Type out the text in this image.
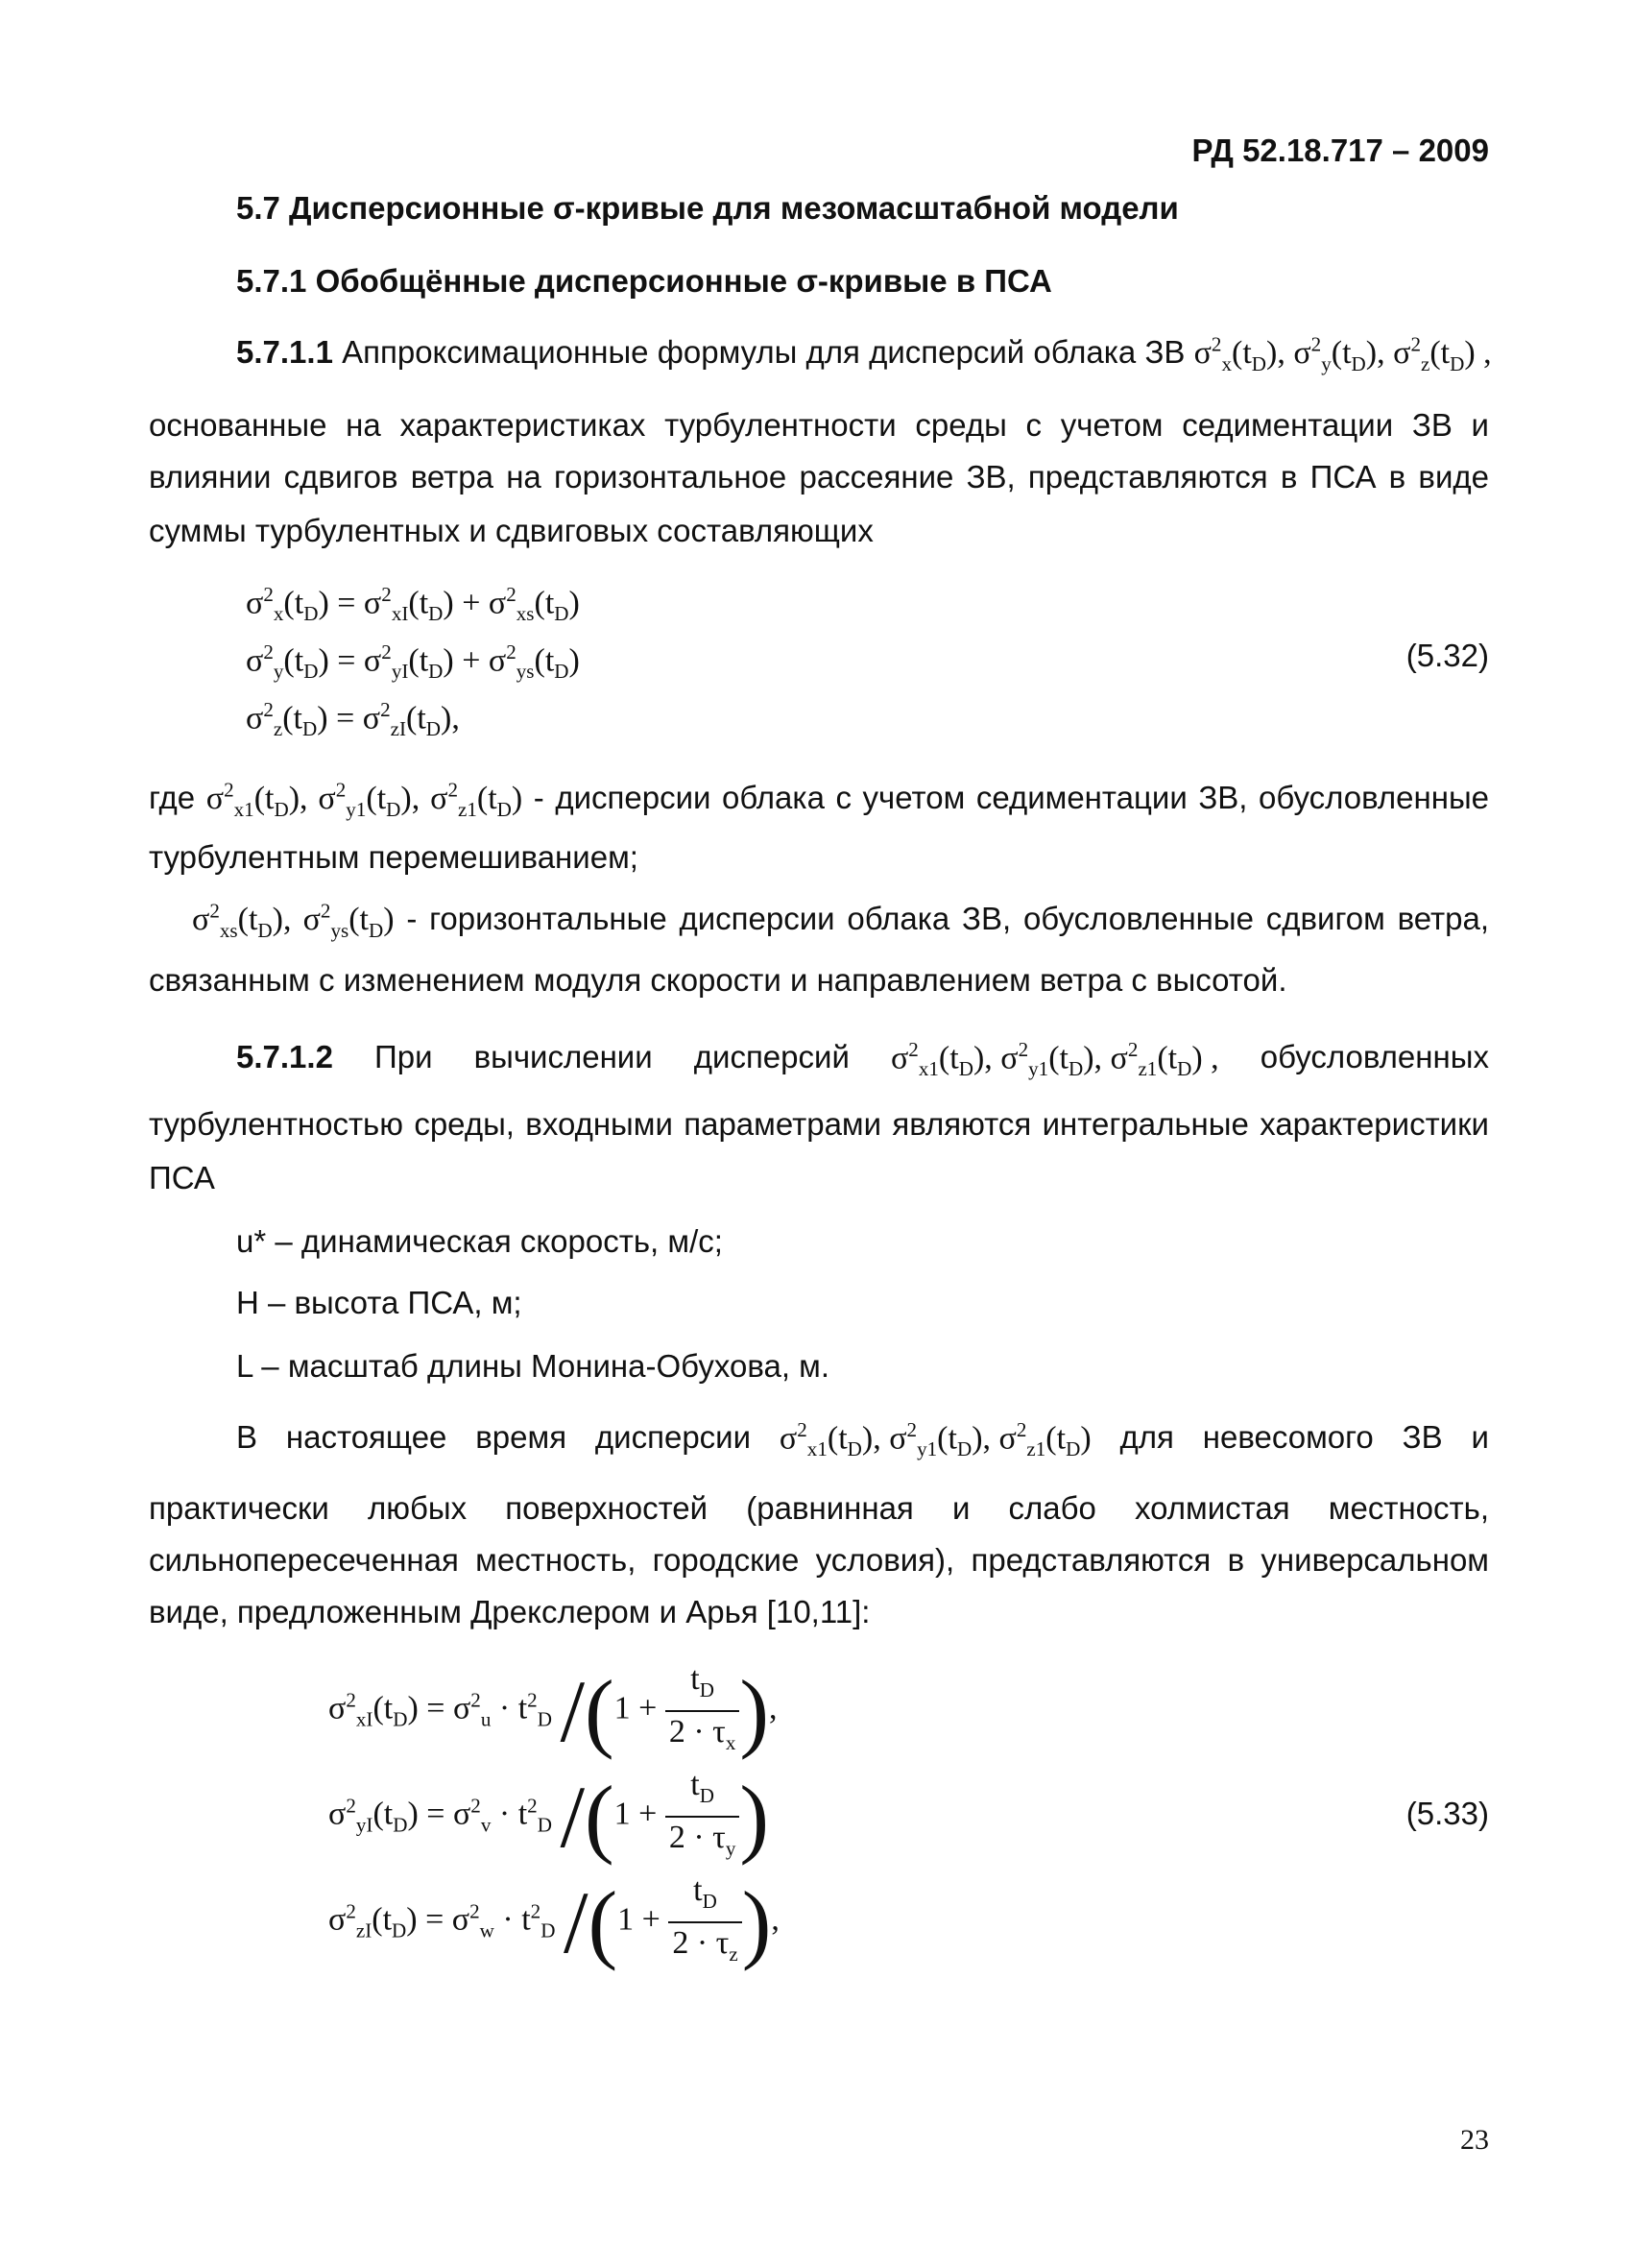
РД 52.18.717 – 2009
5.7 Дисперсионные σ-кривые для мезомасштабной модели
5.7.1 Обобщённые дисперсионные σ-кривые в ПСА
5.7.1.1 Аппроксимационные формулы для дисперсий облака ЗВ $\sigma^2_x(t_D)$, $\sigma^2_y(t_D)$, $\sigma^2_z(t_D)$ ,
основанные на характеристиках турбулентности среды с учетом седиментации ЗВ и
влиянии сдвигов ветра на горизонтальное рассеяние ЗВ, представляются в ПСА в виде
суммы турбулентных и сдвиговых составляющих
$\sigma^2_x(t_D) = \sigma^2_{xI}(t_D) + \sigma^2_{xs}(t_D)$
$\sigma^2_y(t_D) = \sigma^2_{yI}(t_D) + \sigma^2_{ys}(t_D)$
$\sigma^2_z(t_D) = \sigma^2_{zI}(t_D)$,
(5.32)
где $\sigma^2_{x1}(t_D)$, $\sigma^2_{y1}(t_D)$, $\sigma^2_{z1}(t_D)$ - дисперсии облака с учетом седиментации ЗВ, обусловленные
турбулентным перемешиванием;
$\sigma^2_{xs}(t_D)$, $\sigma^2_{ys}(t_D)$ - горизонтальные дисперсии облака ЗВ, обусловленные сдвигом ветра,
связанным с изменением модуля скорости и направлением ветра с высотой.
5.7.1.2 При вычислении дисперсий $\sigma^2_{x1}(t_D)$, $\sigma^2_{y1}(t_D)$, $\sigma^2_{z1}(t_D)$ , обусловленных
турбулентностью среды, входными параметрами являются интегральные характеристики
ПСА
u* – динамическая скорость, м/с;
H – высота ПСА, м;
L – масштаб длины Монина-Обухова, м.
В настоящее время дисперсии $\sigma^2_{x1}(t_D)$, $\sigma^2_{y1}(t_D)$, $\sigma^2_{z1}(t_D)$ для невесомого ЗВ и
практически любых поверхностей (равнинная и слабо холмистая местность,
сильнопересеченная местность, городские условия), представляются в универсальном
виде, предложенным Дрекслером и Арья [10,11]:
$\sigma^2_{xI}(t_D) = \sigma^2_u \cdot t^2_D$ $/(1 + \frac{t_D}{2 \cdot \tau_x}$ ),
$\sigma^2_{yI}(t_D) = \sigma^2_v \cdot t^2_D$ $/(1 + \frac{t_D}{2 \cdot \tau_y}$ )
$\sigma^2_{zI}(t_D) = \sigma^2_w \cdot t^2_D$ $/(1 + \frac{t_D}{2 \cdot \tau_z}$ ),
(5.33)
23
